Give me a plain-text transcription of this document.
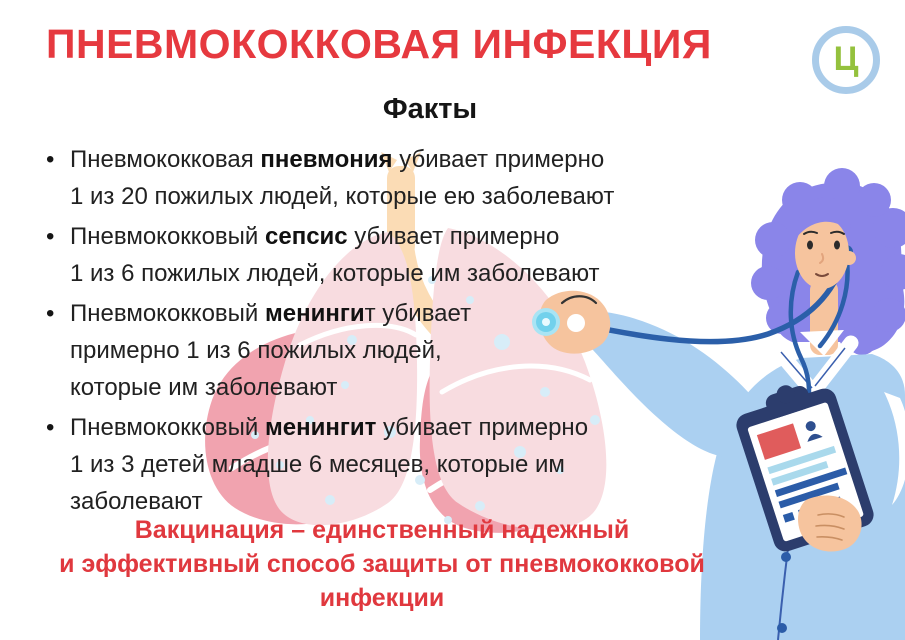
ПНЕВМОКОККОВАЯ ИНФЕКЦИЯ	Ц
Факты
• Пневмококковая пневмония убивает примерно
1 из 20 пожилых людей, которые ею заболевают
• Пневмококковый сепсис убивает примерно
1 из 6 пожилых людей, которые им заболевают
• Пневмококковый менингит убивает
примерно 1 из 6 пожилых людей,
которые им заболевают
• Пневмококковый менингит убивает примерно
1 из 3 детей младше 6 месяцев, которые им
заболевают
Вакцинация – единственный надежный
и эффективный способ защиты от пневмококковой
инфекции
